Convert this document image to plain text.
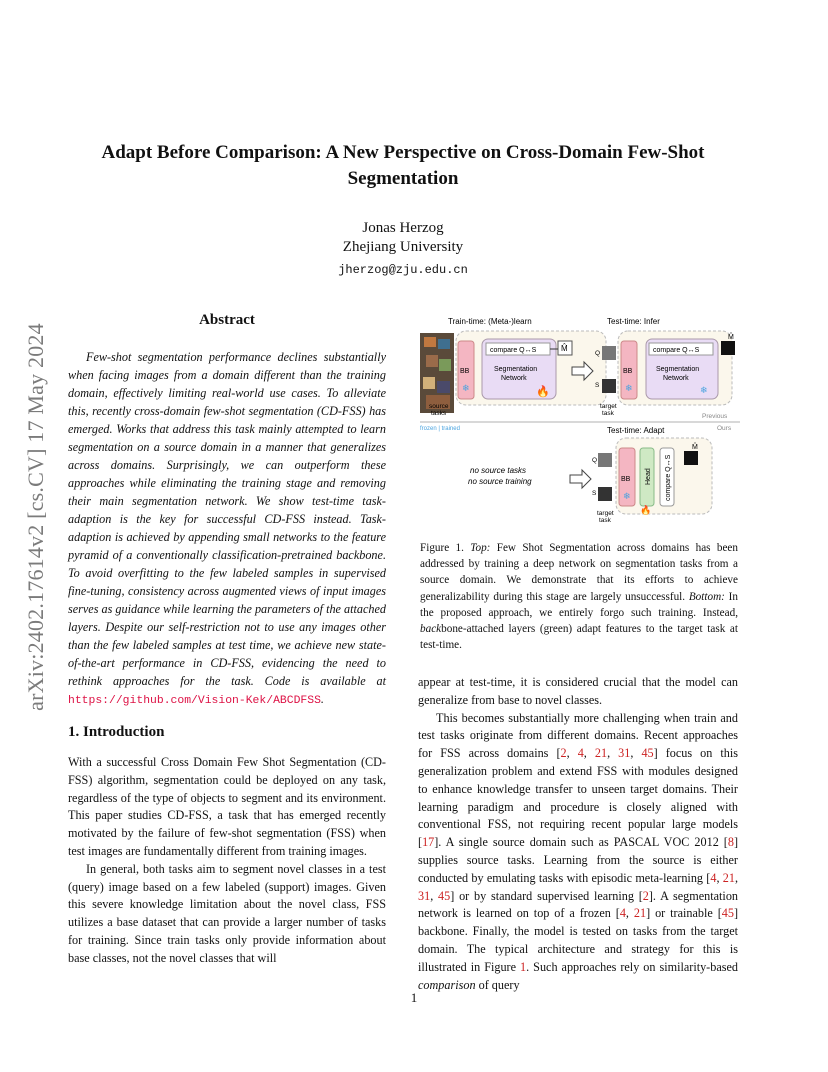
arXiv:2402.17614v2 [cs.CV] 17 May 2024
Adapt Before Comparison: A New Perspective on Cross-Domain Few-Shot Segmentation
Jonas Herzog
Zhejiang University
jherzog@zju.edu.cn
Abstract
Few-shot segmentation performance declines substantially when facing images from a domain different than the training domain, effectively limiting real-world use cases. To alleviate this, recently cross-domain few-shot segmentation (CD-FSS) has emerged. Works that address this task mainly attempted to learn segmentation on a source domain in a manner that generalizes across domains. Surprisingly, we can outperform these approaches while eliminating the training stage and removing their main segmentation network. We show test-time task-adaption is the key for successful CD-FSS instead. Task-adaption is achieved by appending small networks to the feature pyramid of a conventionally classification-pretrained backbone. To avoid overfitting to the few labeled samples in supervised fine-tuning, consistency across augmented views of input images serves as guidance while learning the parameters of the attached layers. Despite our self-restriction not to use any images other than the few labeled samples at test time, we achieve new state-of-the-art performance in CD-FSS, evidencing the need to rethink approaches for the task. Code is available at https://github.com/Vision-Kek/ABCDFSS.
1. Introduction

With a successful Cross Domain Few Shot Segmentation (CD-FSS) algorithm, segmentation could be deployed on any task, regardless of the type of objects to segment and its environment. This paper studies CD-FSS, a task that has emerged recently motivated by the failure of few-shot segmentation (FSS) when test images are fundamentally different from training images.

In general, both tasks aim to segment novel classes in a test (query) image based on a few labeled (support) images. Given this severe knowledge limitation about the novel class, FSS utilizes a base dataset that can provide a larger number of tasks for training. Since train tasks only provide information about base classes, not the novel classes that will

Train-time: (Meta-)learn	Test-time: Infer
source
tasks
BB
❄
compare Q↔S
Segmentation
Network
🔥
M̂
frozen | trained
Q
S
target
task
BB
❄
compare Q↔S
Segmentation
Network
❄
M̂
Previous
Ours
Test-time: Adapt
no source tasks
no source training
Q
S
target
task
BB
❄
Head
🔥
compare Q↔S
M̂
Figure 1. Top: Few Shot Segmentation across domains has been addressed by training a deep network on segmentation tasks from a source domain. We demonstrate that its efforts to achieve generalizability during this stage are largely unsuccessful. Bottom: In the proposed approach, we entirely forgo such training. Instead, backbone-attached layers (green) adapt features to the target task at test-time.

appear at test-time, it is considered crucial that the model can generalize from base to novel classes.

This becomes substantially more challenging when train and test tasks originate from different domains. Recent approaches for FSS across domains [2, 4, 21, 31, 45] focus on this generalization problem and extend FSS with modules designed to enhance knowledge transfer to unseen target domains. Their learning paradigm and procedure is closely aligned with conventional FSS, not requiring recent popular large models [17]. A single source domain such as PASCAL VOC 2012 [8] supplies source tasks. Learning from the source is either conducted by emulating tasks with episodic meta-learning [4, 21, 31, 45] or by standard supervised learning [2]. A segmentation network is learned on top of a frozen [4, 21] or trainable [45] backbone. Finally, the model is tested on tasks from the target domain. The typical architecture and strategy for this is illustrated in Figure 1. Such approaches rely on similarity-based comparison of query

1
